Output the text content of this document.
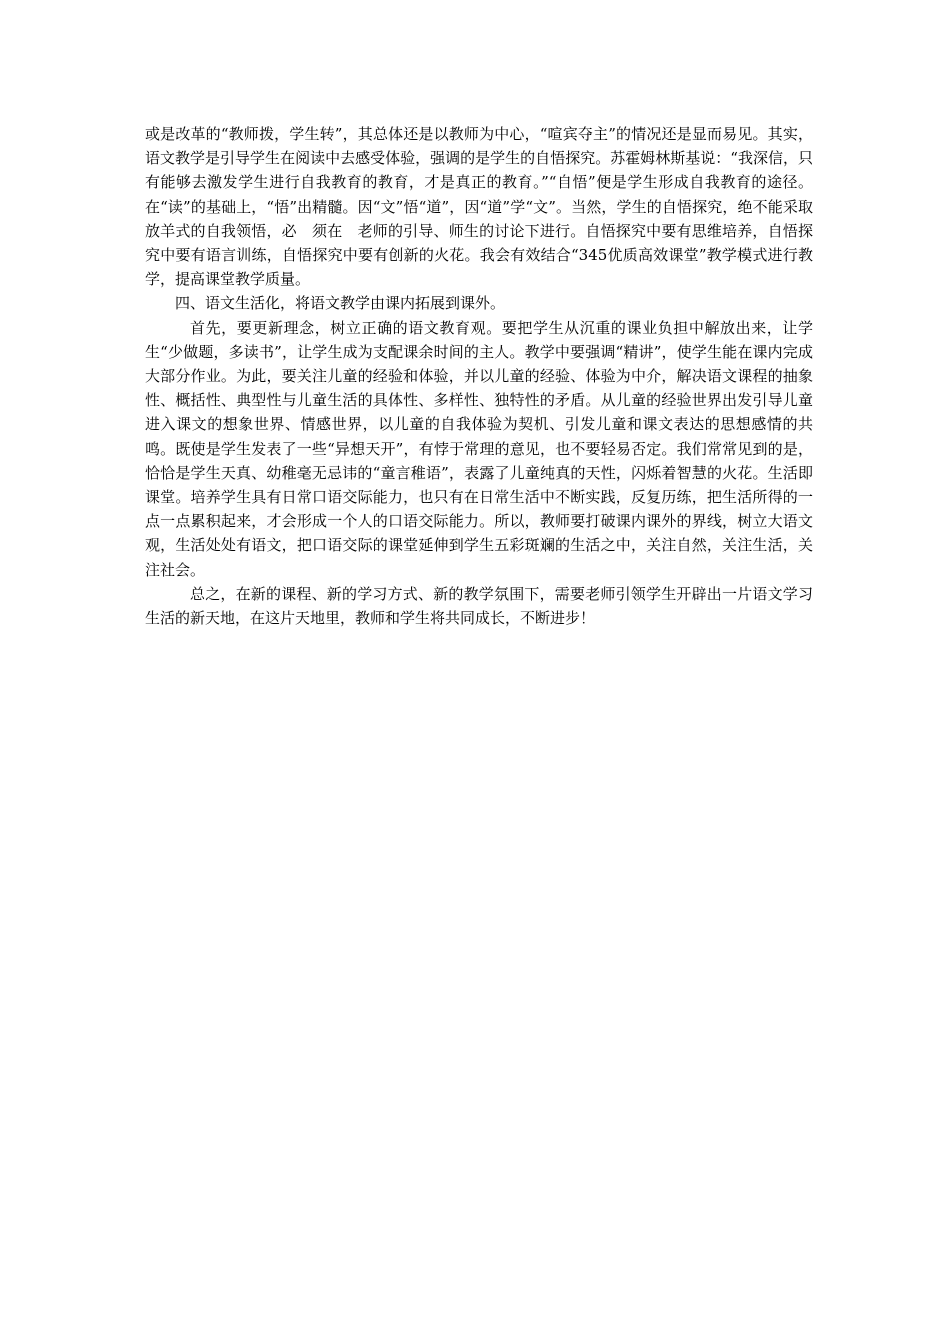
或是改革的“教师拨，学生转”，其总体还是以教师为中心，“喧宾夺主”的情况还是显而易见。其实，语文教学是引导学生在阅读中去感受体验，强调的是学生的自悟探究。苏霍姆林斯基说：“我深信，只有能够去激发学生进行自我教育的教育，才是真正的教育。”“自悟”便是学生形成自我教育的途径。在“读”的基础上，“悟”出精髓。因“文”悟“道”，因“道”学“文”。当然，学生的自悟探究，绝不能采取放羊式的自我领悟，必　须在　老师的引导、师生的讨论下进行。自悟探究中要有思维培养，自悟探究中要有语言训练，自悟探究中要有创新的火花。我会有效结合“345优质高效课堂”教学模式进行教学，提高课堂教学质量。

四、语文生活化，将语文教学由课内拓展到课外。

首先，要更新理念，树立正确的语文教育观。要把学生从沉重的课业负担中解放出来，让学生“少做题，多读书”，让学生成为支配课余时间的主人。教学中要强调“精讲”，使学生能在课内完成大部分作业。为此，要关注儿童的经验和体验，并以儿童的经验、体验为中介，解决语文课程的抽象性、概括性、典型性与儿童生活的具体性、多样性、独特性的矛盾。从儿童的经验世界出发引导儿童进入课文的想象世界、情感世界，以儿童的自我体验为契机、引发儿童和课文表达的思想感情的共鸣。既使是学生发表了一些“异想天开”，有悖于常理的意见，也不要轻易否定。我们常常见到的是，恰恰是学生天真、幼稚毫无忌讳的“童言稚语”，表露了儿童纯真的天性，闪烁着智慧的火花。生活即课堂。培养学生具有日常口语交际能力，也只有在日常生活中不断实践，反复历练，把生活所得的一点一点累积起来，才会形成一个人的口语交际能力。所以，教师要打破课内课外的界线，树立大语文观，生活处处有语文，把口语交际的课堂延伸到学生五彩斑斓的生活之中，关注自然，关注生活，关注社会。

总之，在新的课程、新的学习方式、新的教学氛围下，需要老师引领学生开辟出一片语文学习生活的新天地，在这片天地里，教师和学生将共同成长，不断进步！
